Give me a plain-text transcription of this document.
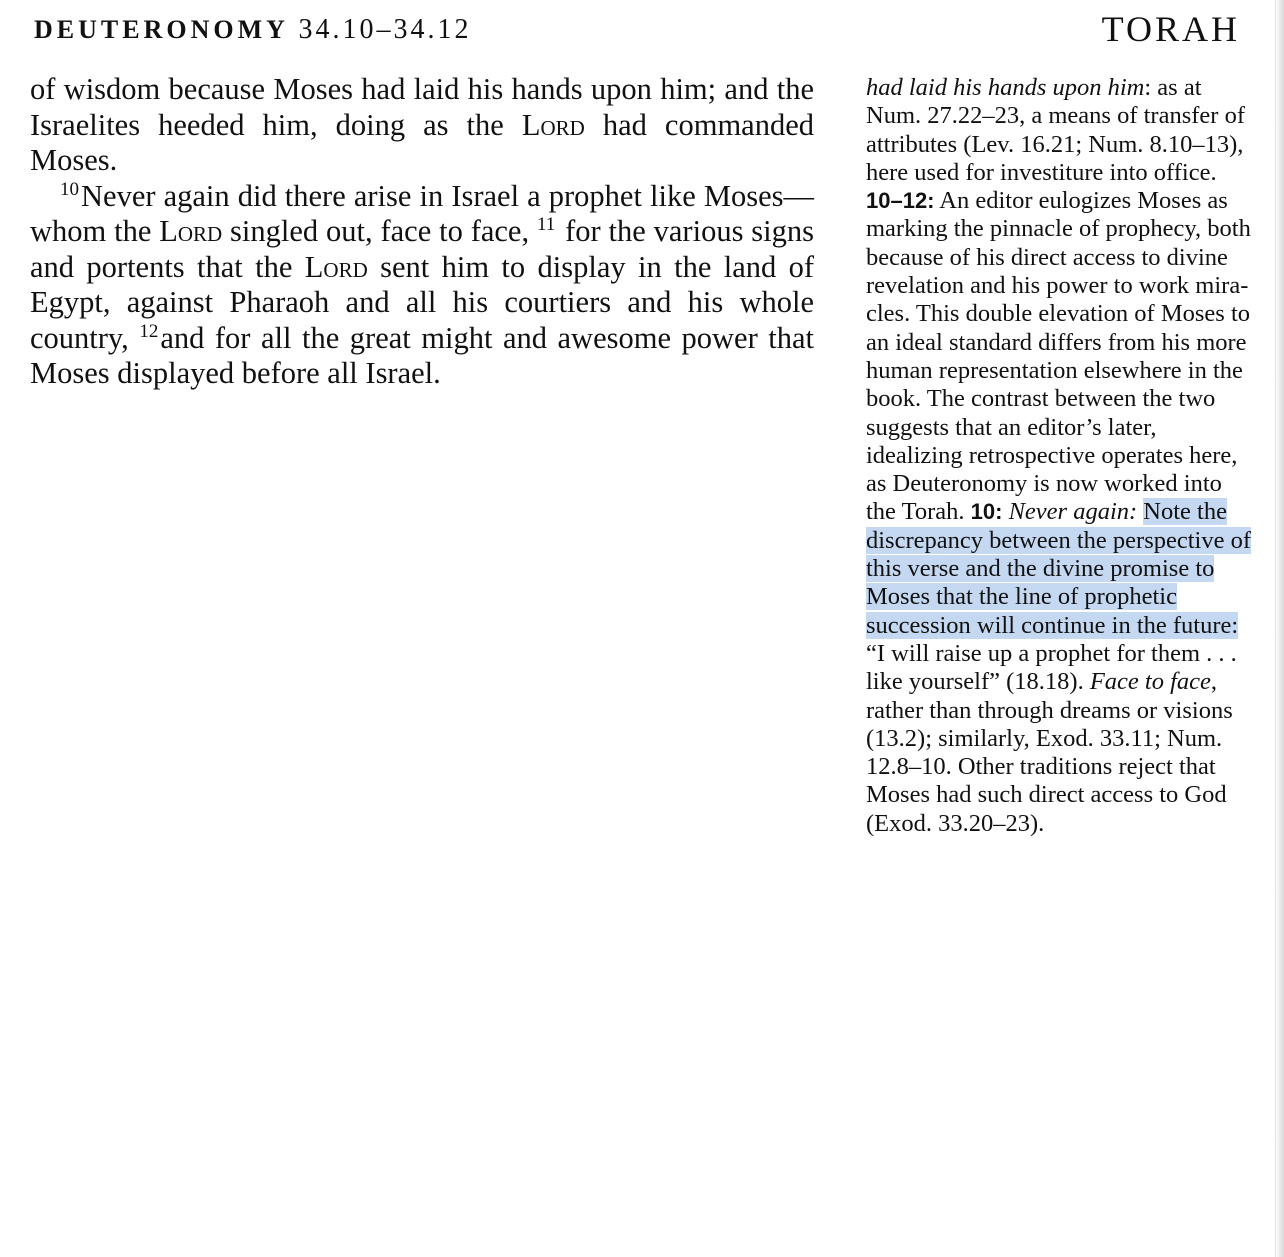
DEUTERONOMY 34.10–34.12	TORAH

of wisdom because Moses had laid his hands upon him; and the Israelites heeded him, doing as the Lord had commanded Moses.

$^{10}$Never again did there arise in Israel a prophet like Moses—whom the Lord singled out, face to face, $^{11}$ for the various signs and portents that the Lord sent him to display in the land of Egypt, against Pharaoh and all his courtiers and his whole country, $^{12}$and for all the great might and awesome power that Moses displayed before all Israel.

had laid his hands upon him: as at Num. 27.22–23, a means of transfer of attributes (Lev. 16.21; Num. 8.10–13), here used for investiture into office. 10–12: An editor eulogizes Moses as marking the pinnacle of prophecy, both because of his direct access to divine revelation and his power to work miracles. This double elevation of Moses to an ideal standard differs from his more human representation elsewhere in the book. The contrast between the two suggests that an editor’s later, idealizing retrospective operates here, as Deuteronomy is now worked into the Torah. 10: Never again: Note the discrepancy between the perspective of this verse and the divine promise to Moses that the line of prophetic succession will continue in the future: “I will raise up a prophet for them . . . like yourself” (18.18). Face to face, rather than through dreams or visions (13.2); similarly, Exod. 33.11; Num. 12.8–10. Other traditions reject that Moses had such direct access to God (Exod. 33.20–23).
